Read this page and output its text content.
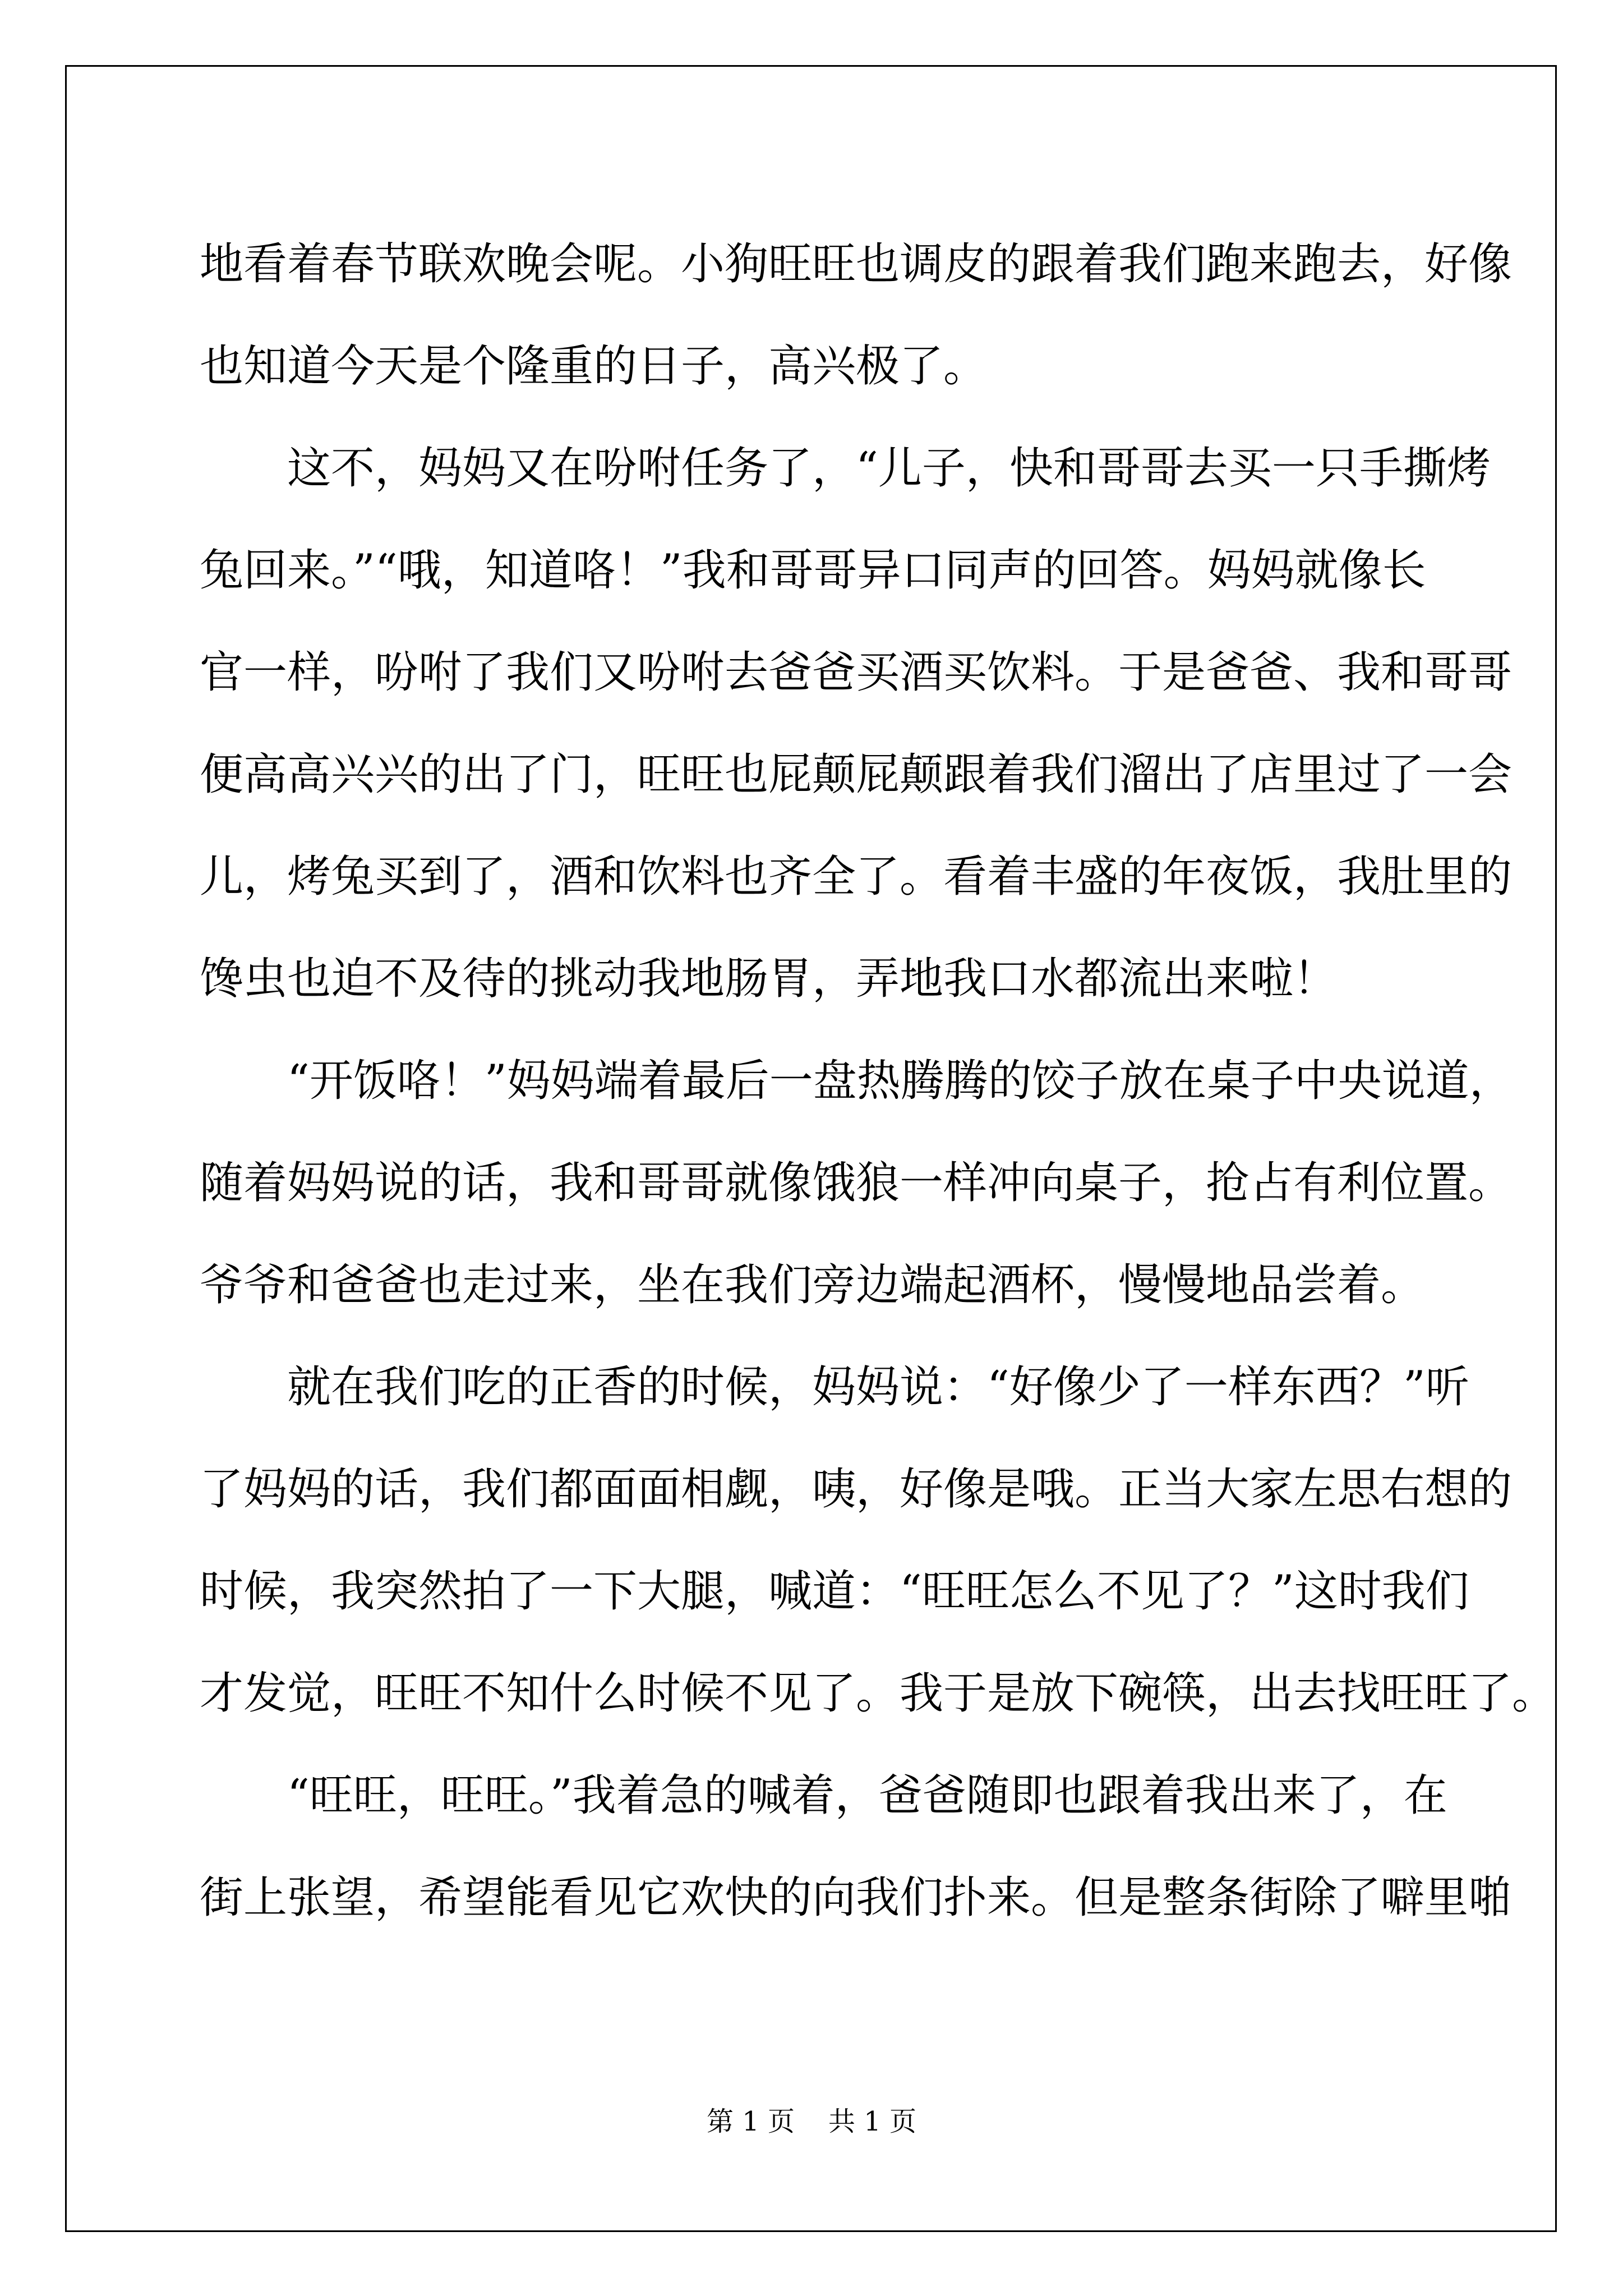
地看着春节联欢晚会呢。小狗旺旺也调皮的跟着我们跑来跑去，好像
也知道今天是个隆重的日子，高兴极了。
　　这不，妈妈又在吩咐任务了，“儿子，快和哥哥去买一只手撕烤
兔回来。”“哦，知道咯！”我和哥哥异口同声的回答。妈妈就像长
官一样，吩咐了我们又吩咐去爸爸买酒买饮料。于是爸爸、我和哥哥
便高高兴兴的出了门，旺旺也屁颠屁颠跟着我们溜出了店里过了一会
儿，烤兔买到了，酒和饮料也齐全了。看着丰盛的年夜饭，我肚里的
馋虫也迫不及待的挑动我地肠胃，弄地我口水都流出来啦！
　　“开饭咯！”妈妈端着最后一盘热腾腾的饺子放在桌子中央说道，
随着妈妈说的话，我和哥哥就像饿狼一样冲向桌子，抢占有利位置。
爷爷和爸爸也走过来，坐在我们旁边端起酒杯，慢慢地品尝着。
　　就在我们吃的正香的时候，妈妈说：“好像少了一样东西？”听
了妈妈的话，我们都面面相觑，咦，好像是哦。正当大家左思右想的
时候，我突然拍了一下大腿，喊道：“旺旺怎么不见了？”这时我们
才发觉，旺旺不知什么时候不见了。我于是放下碗筷，出去找旺旺了。
　　“旺旺，旺旺。”我着急的喊着，爸爸随即也跟着我出来了，在
街上张望，希望能看见它欢快的向我们扑来。但是整条街除了噼里啪
第 1 页 共 1 页
